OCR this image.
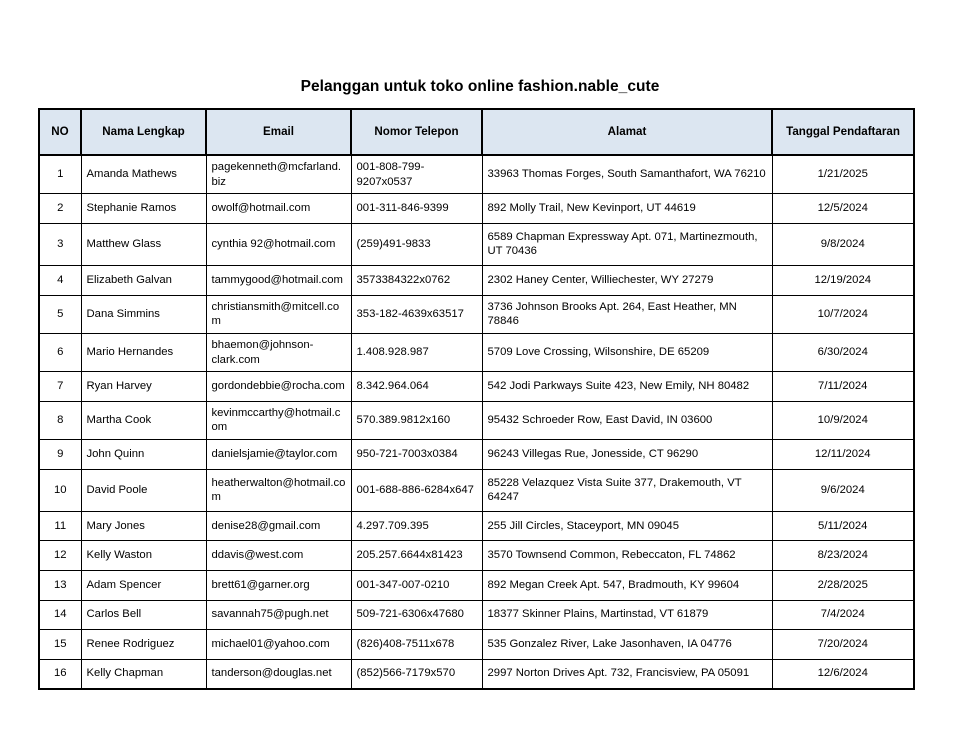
Pelanggan untuk toko online fashion.nable_cute
NO	Nama Lengkap	Email	Nomor Telepon	Alamat	Tanggal Pendaftaran
1	Amanda Mathews	pagekenneth@mcfarland.biz	001-808-799-9207x0537	33963 Thomas Forges, South Samanthafort, WA 76210	1/21/2025
2	Stephanie Ramos	owolf@hotmail.com	001-311-846-9399	892 Molly Trail, New Kevinport, UT 44619	12/5/2024
3	Matthew Glass	cynthia 92@hotmail.com	(259)491-9833	6589 Chapman Expressway Apt. 071, Martinezmouth, UT 70436	9/8/2024
4	Elizabeth Galvan	tammygood@hotmail.com	3573384322x0762	2302 Haney Center, Williechester, WY 27279	12/19/2024
5	Dana Simmins	christiansmith@mitcell.com	353-182-4639x63517	3736 Johnson Brooks Apt. 264, East Heather, MN 78846	10/7/2024
6	Mario Hernandes	bhaemon@johnson-clark.com	1.408.928.987	5709 Love Crossing, Wilsonshire, DE 65209	6/30/2024
7	Ryan Harvey	gordondebbie@rocha.com	8.342.964.064	542 Jodi Parkways Suite 423, New Emily, NH 80482	7/11/2024
8	Martha Cook	kevinmccarthy@hotmail.com	570.389.9812x160	95432 Schroeder Row, East David, IN 03600	10/9/2024
9	John Quinn	danielsjamie@taylor.com	950-721-7003x0384	96243 Villegas Rue, Jonesside, CT 96290	12/11/2024
10	David Poole	heatherwalton@hotmail.com	001-688-886-6284x647	85228 Velazquez Vista Suite 377, Drakemouth, VT 64247	9/6/2024
11	Mary Jones	denise28@gmail.com	4.297.709.395	255 Jill Circles, Staceyport, MN 09045	5/11/2024
12	Kelly Waston	ddavis@west.com	205.257.6644x81423	3570 Townsend Common, Rebeccaton, FL 74862	8/23/2024
13	Adam Spencer	brett61@garner.org	001-347-007-0210	892 Megan Creek Apt. 547, Bradmouth, KY 99604	2/28/2025
14	Carlos Bell	savannah75@pugh.net	509-721-6306x47680	18377 Skinner Plains, Martinstad, VT 61879	7/4/2024
15	Renee Rodriguez	michael01@yahoo.com	(826)408-7511x678	535 Gonzalez River, Lake Jasonhaven, IA 04776	7/20/2024
16	Kelly Chapman	tanderson@douglas.net	(852)566-7179x570	2997 Norton Drives Apt. 732, Francisview, PA 05091	12/6/2024
